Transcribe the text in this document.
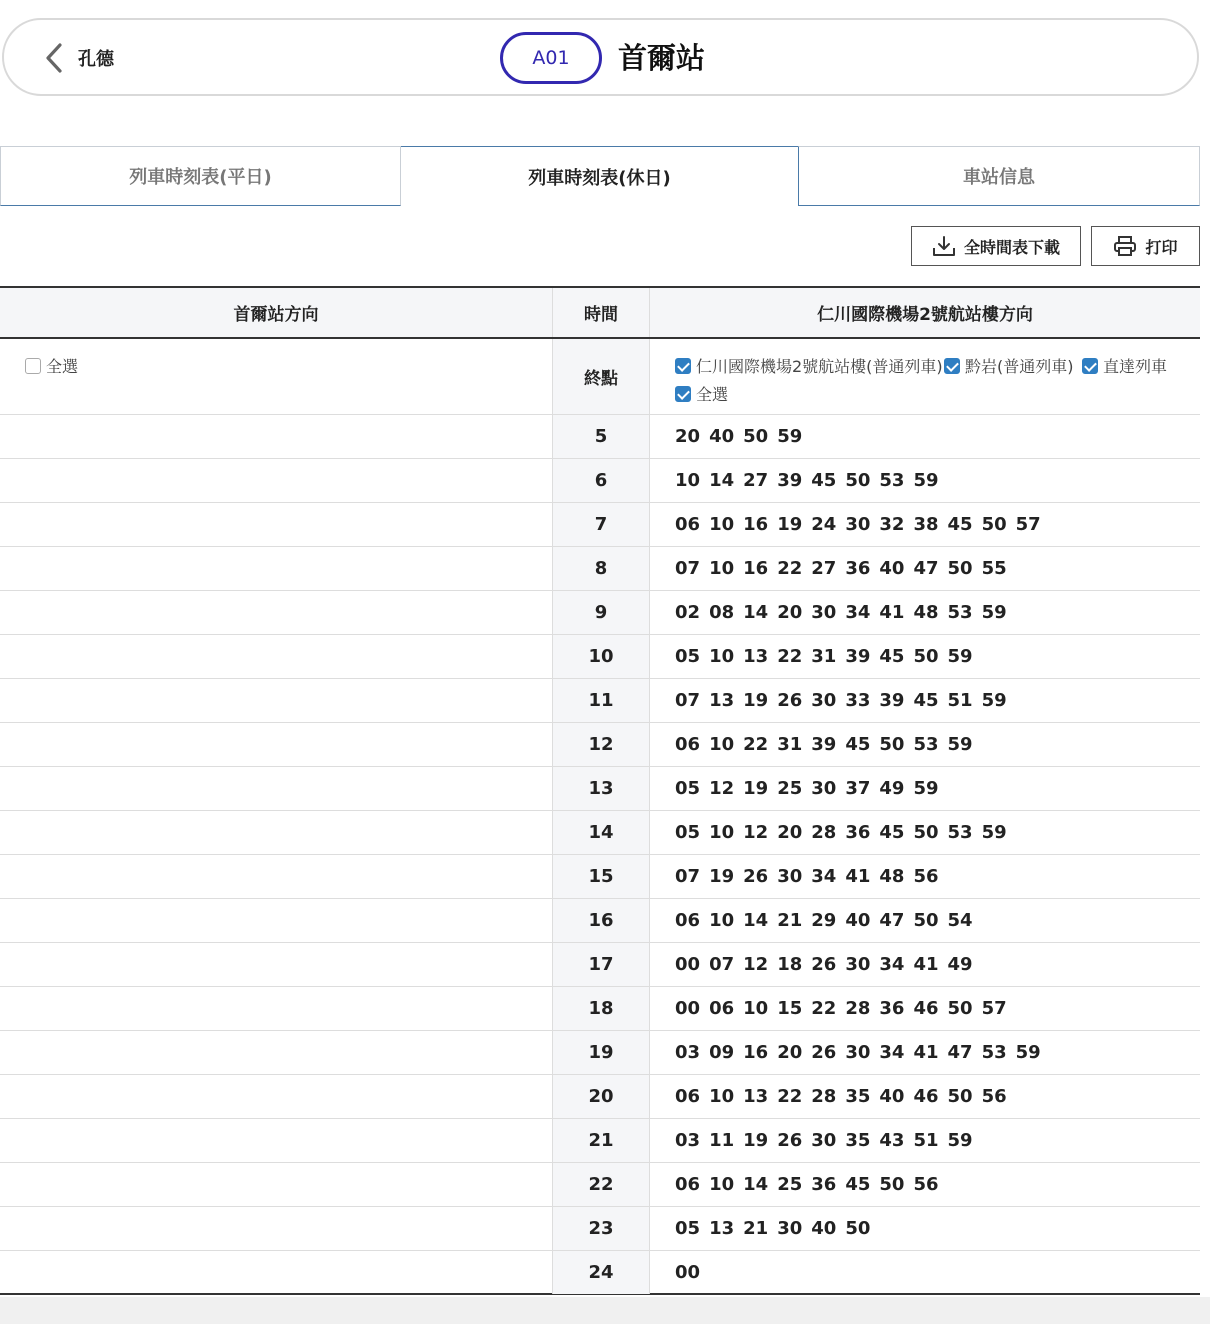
孔德	A01	首爾站
列車時刻表(平日)	列車時刻表(休日)	車站信息
全時間表下載	打印
首爾站方向	時間	仁川國際機場2號航站樓方向
全選
終點
仁川國際機場2號航站樓(普通列車) 黔岩(普通列車) 直達列車
全選
5	20 40 50 59
6	10 14 27 39 45 50 53 59
7	06 10 16 19 24 30 32 38 45 50 57
8	07 10 16 22 27 36 40 47 50 55
9	02 08 14 20 30 34 41 48 53 59
10	05 10 13 22 31 39 45 50 59
11	07 13 19 26 30 33 39 45 51 59
12	06 10 22 31 39 45 50 53 59
13	05 12 19 25 30 37 49 59
14	05 10 12 20 28 36 45 50 53 59
15	07 19 26 30 34 41 48 56
16	06 10 14 21 29 40 47 50 54
17	00 07 12 18 26 30 34 41 49
18	00 06 10 15 22 28 36 46 50 57
19	03 09 16 20 26 30 34 41 47 53 59
20	06 10 13 22 28 35 40 46 50 56
21	03 11 19 26 30 35 43 51 59
22	06 10 14 25 36 45 50 56
23	05 13 21 30 40 50
24	00
